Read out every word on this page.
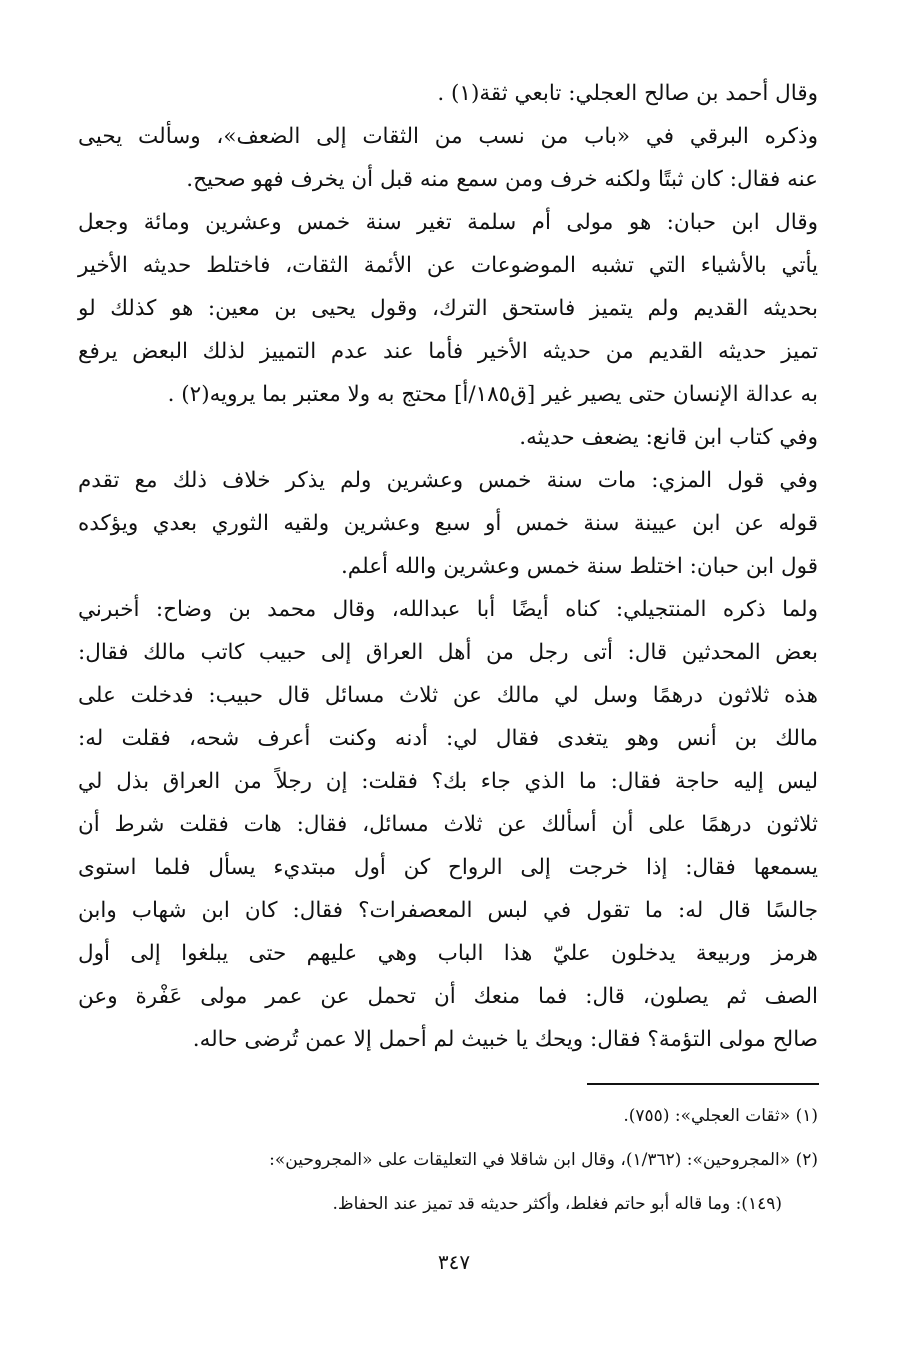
وقال أحمد بن صالح العجلي: تابعي ثقة(١) .
وذكره البرقي في «باب من نسب من الثقات إلى الضعف»، وسألت يحيى
عنه فقال: كان ثبتًا ولكنه خرف ومن سمع منه قبل أن يخرف فهو صحيح.
وقال ابن حبان: هو مولى أم سلمة تغير سنة خمس وعشرين ومائة وجعل
يأتي بالأشياء التي تشبه الموضوعات عن الأئمة الثقات، فاختلط حديثه الأخير
بحديثه القديم ولم يتميز فاستحق الترك، وقول يحيى بن معين: هو كذلك لو
تميز حديثه القديم من حديثه الأخير فأما عند عدم التمييز لذلك البعض يرفع
به عدالة الإنسان حتى يصير غير [ق١٨٥/أ] محتج به ولا معتبر بما يرويه(٢) .
وفي كتاب ابن قانع: يضعف حديثه.
وفي قول المزي: مات سنة خمس وعشرين ولم يذكر خلاف ذلك مع تقدم
قوله عن ابن عيينة سنة خمس أو سبع وعشرين ولقيه الثوري بعدي ويؤكده
قول ابن حبان: اختلط سنة خمس وعشرين والله أعلم.
ولما ذكره المنتجيلي: كناه أيضًا أبا عبدالله، وقال محمد بن وضاح: أخبرني
بعض المحدثين قال: أتى رجل من أهل العراق إلى حبيب كاتب مالك فقال:
هذه ثلاثون درهمًا وسل لي مالك عن ثلاث مسائل قال حبيب: فدخلت على
مالك بن أنس وهو يتغدى فقال لي: أدنه وكنت أعرف شحه، فقلت له:
ليس إليه حاجة فقال: ما الذي جاء بك؟ فقلت: إن رجلاً من العراق بذل لي
ثلاثون درهمًا على أن أسألك عن ثلاث مسائل، فقال: هات فقلت شرط أن
يسمعها فقال: إذا خرجت إلى الرواح كن أول مبتديء يسأل فلما استوى
جالسًا قال له: ما تقول في لبس المعصفرات؟ فقال: كان ابن شهاب وابن
هرمز وربيعة يدخلون عليّ هذا الباب وهي عليهم حتى يبلغوا إلى أول
الصف ثم يصلون، قال: فما منعك أن تحمل عن عمر مولى عَفْرة وعن
صالح مولى التؤمة؟ فقال: ويحك يا خبيث لم أحمل إلا عمن تُرضى حاله.
(١) «ثقات العجلي»: (٧٥٥).
(٢) «المجروحين»: (١/٣٦٢)، وقال ابن شاقلا في التعليقات على «المجروحين»:
(١٤٩): وما قاله أبو حاتم فغلط، وأكثر حديثه قد تميز عند الحفاظ.
٣٤٧
